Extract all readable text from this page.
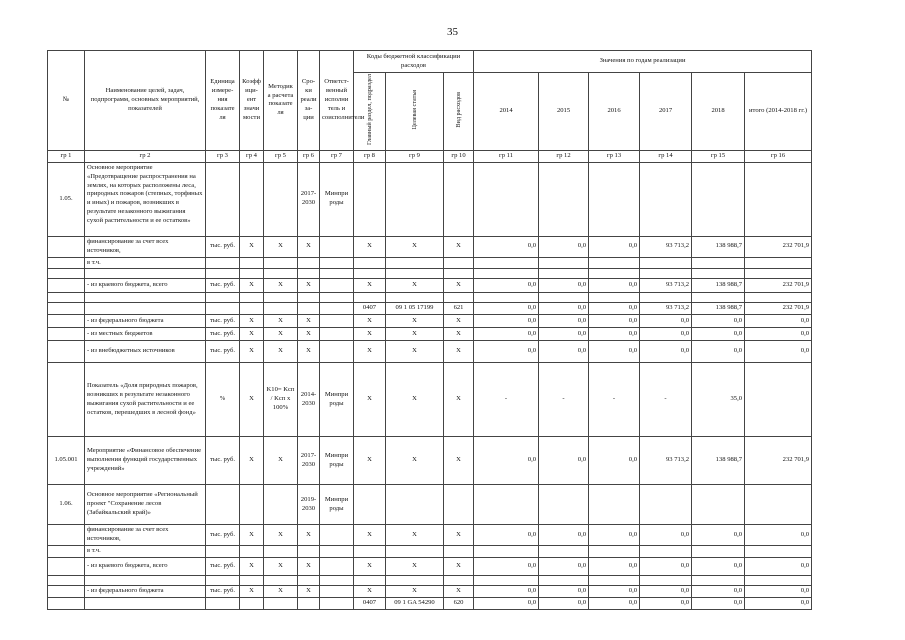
35
№	Наименование целей, задач, подпрограмм, основных мероприятий, показателей	Единица измере-ния показате ля	Коэфф ици-ент значи мости	Методик а расчета показате ля	Сро-ки реали за-ции	Ответст-венный исполни тель и соисполнители	Коды бюджетной классификации расходов			Значения по годам реализации					
							Главный раздел, подраздел	Целевая статья	Вид расходов	2014	2015	2016	2017	2018	итого (2014-2018 гг.)
гр 1	гр 2	гр 3	гр 4	гр 5	гр 6	гр 7	гр 8	гр 9	гр 10	гр 11	гр 12	гр 13	гр 14	гр 15	гр 16
1.05.	Основное мероприятие «Предотвращение распространения на землях, на которых расположены леса, природных пожаров (степных, торфяных и иных) и пожаров, возникших в результате незаконного выжигания сухой растительности и ее остатков»				2017-2030	Минпри роды									
	финансирование за счет всех источников,	тыс. руб.	X	X	X		X	X	X	0,0	0,0	0,0	93 713,2	138 988,7	232 701,9
	в т.ч.														

	- из краевого бюджета, всего	тыс. руб.	X	X	X		X	X	X	0,0	0,0	0,0	93 713,2	138 988,7	232 701,9

							0407	09 1 05 17199	621	0,0	0,0	0,0	93 713,2	138 988,7	232 701,9
	- из федерального бюджета	тыс. руб.	X	X	X		X	X	X	0,0	0,0	0,0	0,0	0,0	0,0
	- из местных бюджетов	тыс. руб.	X	X	X		X	X	X	0,0	0,0	0,0	0,0	0,0	0,0
	- из внебюджетных источников	тыс. руб.	X	X	X		X	X	X	0,0	0,0	0,0	0,0	0,0	0,0
	Показатель «Доля природных пожаров, возникших в результате незаконного выжигания сухой растительности и ее остатков, перешедших в лесной фонд»	%	X	K10= Kсп / Kсп х 100%	2014-2030	Минпри роды	X	X	X	-	-	-	-	35,0	
1.05.001	Мероприятие «Финансовое обеспечение выполнения функций государственных учреждений»	тыс. руб.	X	X	2017-2030	Минпри роды	X	X	X	0,0	0,0	0,0	93 713,2	138 988,7	232 701,9
1.06.	Основное мероприятие «Региональный проект "Сохранение лесов (Забайкальский край)»				2019-2030	Минпри роды									
	финансирование за счет всех источников,	тыс. руб.	X	X	X		X	X	X	0,0	0,0	0,0	0,0	0,0	0,0
	в т.ч.														
	- из краевого бюджета, всего	тыс. руб.	X	X	X		X	X	X	0,0	0,0	0,0	0,0	0,0	0,0

	- из федерального бюджета	тыс. руб.	X	X	X		X	X	X	0,0	0,0	0,0	0,0	0,0	0,0
							0407	09 1 GA 54290	620	0,0	0,0	0,0	0,0	0,0	0,0
